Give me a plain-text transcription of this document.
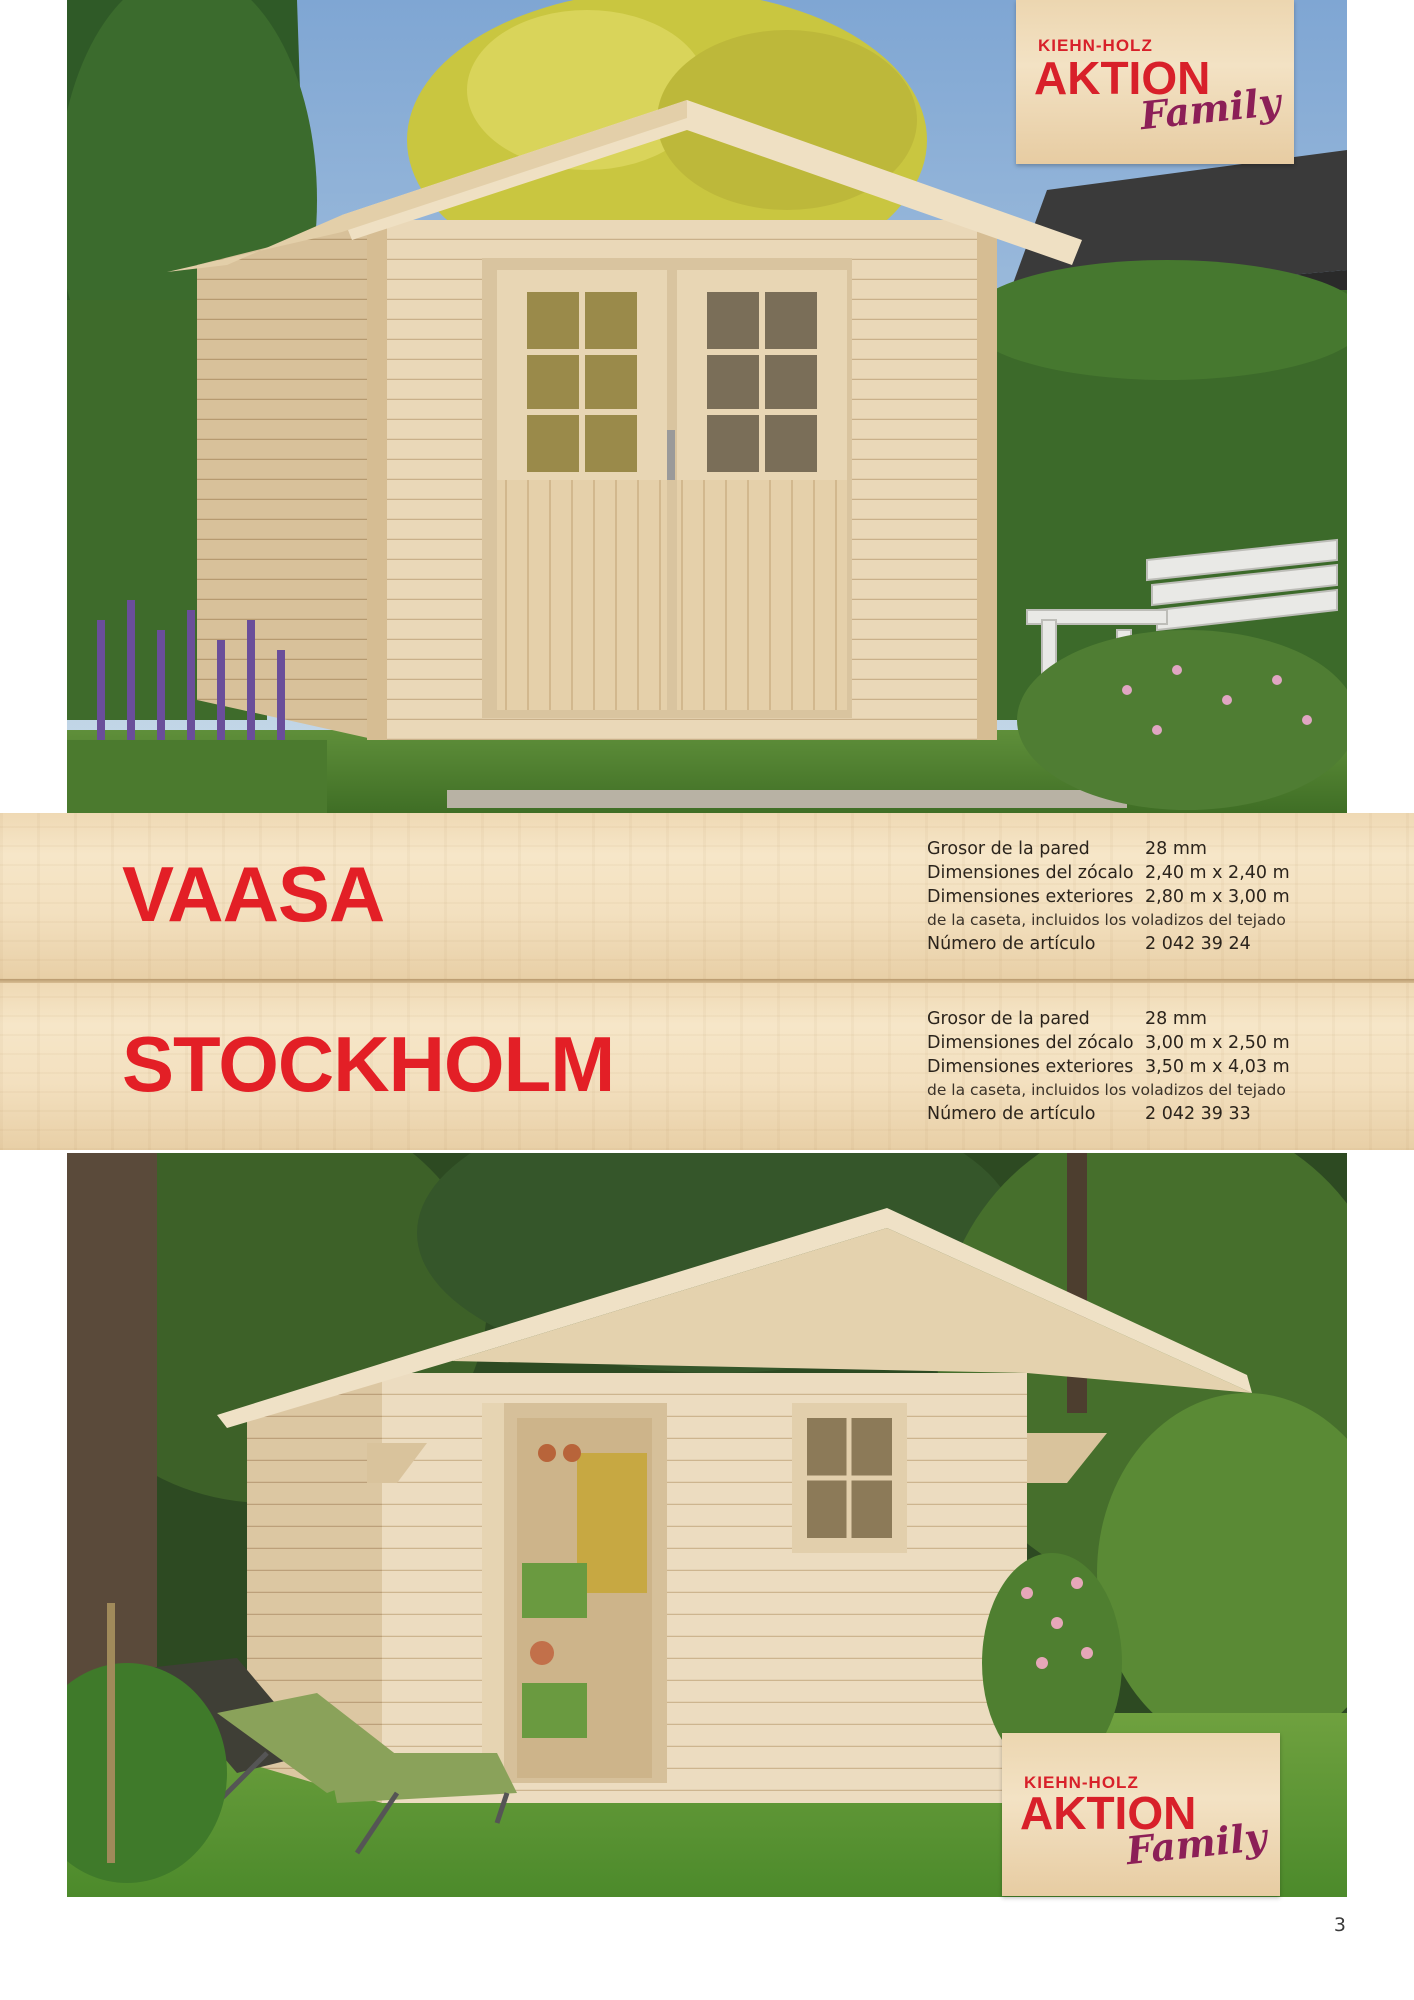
VAASA
Grosor de la pared	28 mm
Dimensiones del zócalo 2,40 m x 2,40 m
Dimensiones exteriores 2,80 m x 3,00 m
de la caseta, incluidos los voladizos del tejado
Número de artículo	2 042 39 24
STOCKHOLM
Grosor de la pared	28 mm
Dimensiones del zócalo 3,00 m x 2,50 m
Dimensiones exteriores 3,50 m x 4,03 m
de la caseta, incluidos los voladizos del tejado
Número de artículo	2 042 39 33
KIEHN-HOLZ
AKTION
Family
KIEHN-HOLZ
AKTION
Family
3
